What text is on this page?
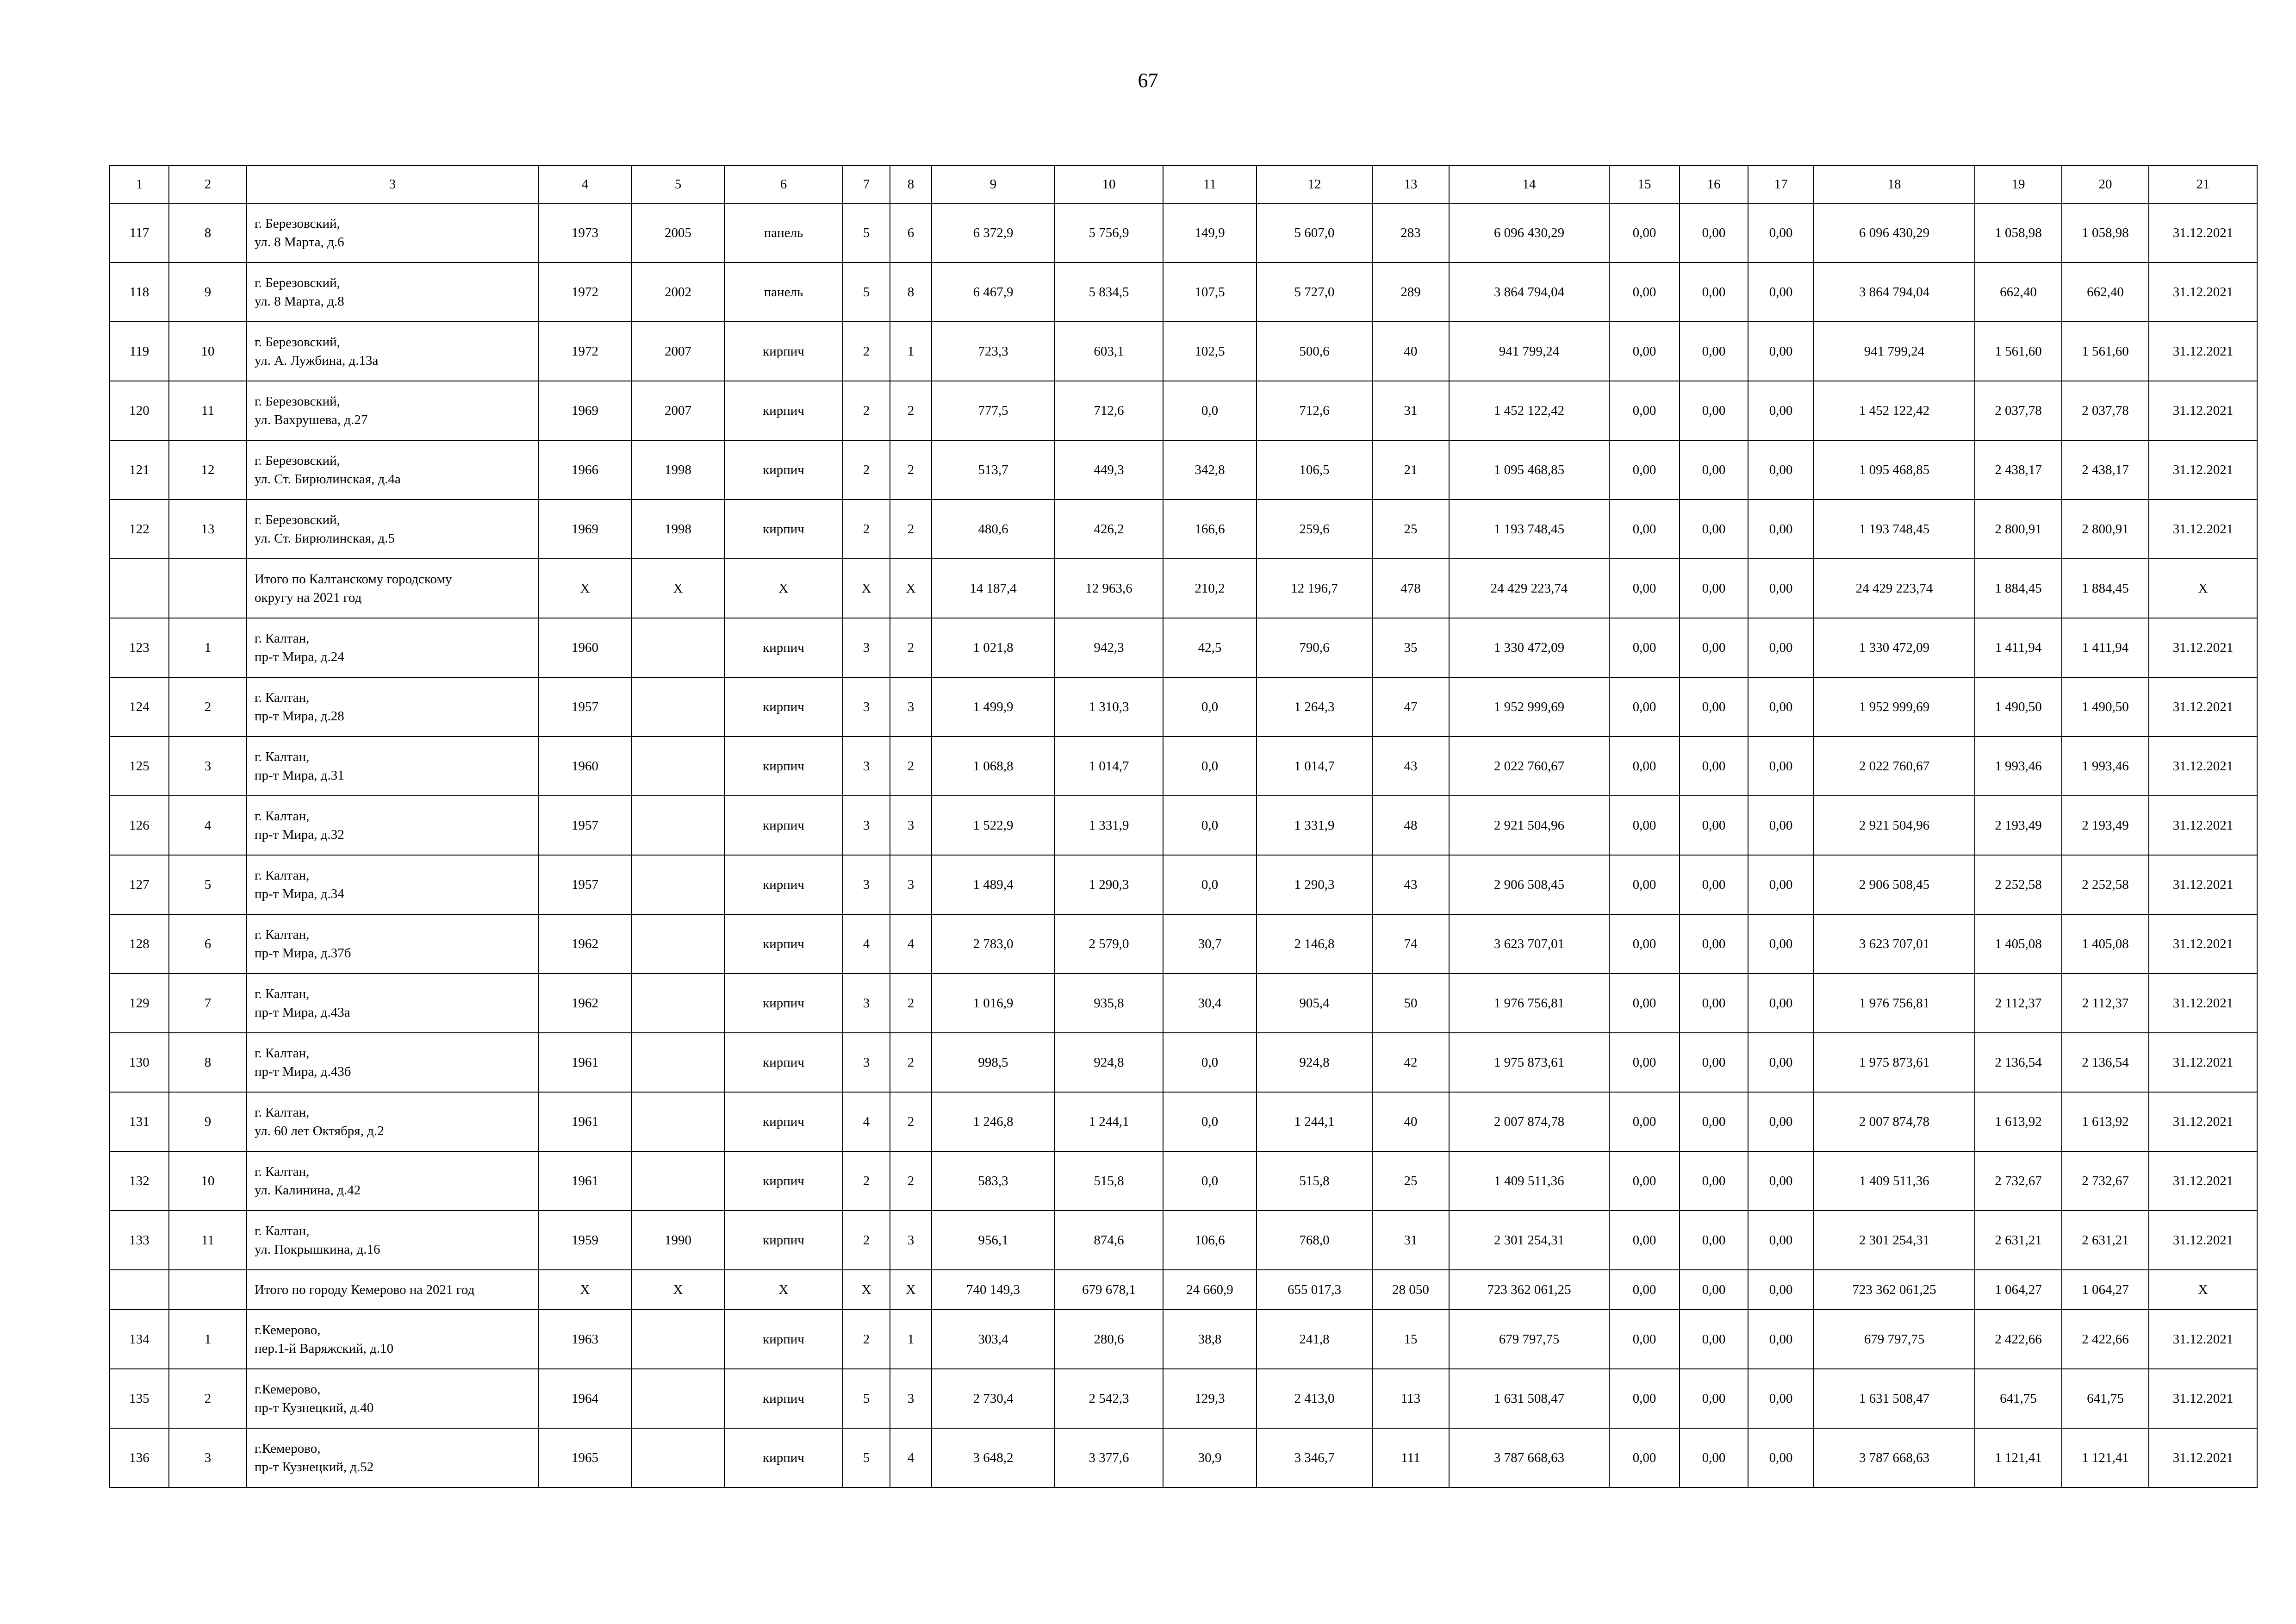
67
1	2	3	4	5	6	7	8	9	10	11	12	13	14	15	16	17	18	19	20	21
117	8	г. Березовский,
ул. 8 Марта, д.6	1973	2005	панель	5	6	6 372,9	5 756,9	149,9	5 607,0	283	6 096 430,29	0,00	0,00	0,00	6 096 430,29	1 058,98	1 058,98	31.12.2021
118	9	г. Березовский,
ул. 8 Марта, д.8	1972	2002	панель	5	8	6 467,9	5 834,5	107,5	5 727,0	289	3 864 794,04	0,00	0,00	0,00	3 864 794,04	662,40	662,40	31.12.2021
119	10	г. Березовский,
ул. А. Лужбина, д.13а	1972	2007	кирпич	2	1	723,3	603,1	102,5	500,6	40	941 799,24	0,00	0,00	0,00	941 799,24	1 561,60	1 561,60	31.12.2021
120	11	г. Березовский,
ул. Вахрушева, д.27	1969	2007	кирпич	2	2	777,5	712,6	0,0	712,6	31	1 452 122,42	0,00	0,00	0,00	1 452 122,42	2 037,78	2 037,78	31.12.2021
121	12	г. Березовский,
ул. Ст. Бирюлинская, д.4а	1966	1998	кирпич	2	2	513,7	449,3	342,8	106,5	21	1 095 468,85	0,00	0,00	0,00	1 095 468,85	2 438,17	2 438,17	31.12.2021
122	13	г. Березовский,
ул. Ст. Бирюлинская, д.5	1969	1998	кирпич	2	2	480,6	426,2	166,6	259,6	25	1 193 748,45	0,00	0,00	0,00	1 193 748,45	2 800,91	2 800,91	31.12.2021
		Итого по Калтанскому городскому
округу на 2021 год	X	X	X	X	X	14 187,4	12 963,6	210,2	12 196,7	478	24 429 223,74	0,00	0,00	0,00	24 429 223,74	1 884,45	1 884,45	X
123	1	г. Калтан,
пр-т Мира, д.24	1960		кирпич	3	2	1 021,8	942,3	42,5	790,6	35	1 330 472,09	0,00	0,00	0,00	1 330 472,09	1 411,94	1 411,94	31.12.2021
124	2	г. Калтан,
пр-т Мира, д.28	1957		кирпич	3	3	1 499,9	1 310,3	0,0	1 264,3	47	1 952 999,69	0,00	0,00	0,00	1 952 999,69	1 490,50	1 490,50	31.12.2021
125	3	г. Калтан,
пр-т Мира, д.31	1960		кирпич	3	2	1 068,8	1 014,7	0,0	1 014,7	43	2 022 760,67	0,00	0,00	0,00	2 022 760,67	1 993,46	1 993,46	31.12.2021
126	4	г. Калтан,
пр-т Мира, д.32	1957		кирпич	3	3	1 522,9	1 331,9	0,0	1 331,9	48	2 921 504,96	0,00	0,00	0,00	2 921 504,96	2 193,49	2 193,49	31.12.2021
127	5	г. Калтан,
пр-т Мира, д.34	1957		кирпич	3	3	1 489,4	1 290,3	0,0	1 290,3	43	2 906 508,45	0,00	0,00	0,00	2 906 508,45	2 252,58	2 252,58	31.12.2021
128	6	г. Калтан,
пр-т Мира, д.37б	1962		кирпич	4	4	2 783,0	2 579,0	30,7	2 146,8	74	3 623 707,01	0,00	0,00	0,00	3 623 707,01	1 405,08	1 405,08	31.12.2021
129	7	г. Калтан,
пр-т Мира, д.43а	1962		кирпич	3	2	1 016,9	935,8	30,4	905,4	50	1 976 756,81	0,00	0,00	0,00	1 976 756,81	2 112,37	2 112,37	31.12.2021
130	8	г. Калтан,
пр-т Мира, д.43б	1961		кирпич	3	2	998,5	924,8	0,0	924,8	42	1 975 873,61	0,00	0,00	0,00	1 975 873,61	2 136,54	2 136,54	31.12.2021
131	9	г. Калтан,
ул. 60 лет Октября, д.2	1961		кирпич	4	2	1 246,8	1 244,1	0,0	1 244,1	40	2 007 874,78	0,00	0,00	0,00	2 007 874,78	1 613,92	1 613,92	31.12.2021
132	10	г. Калтан,
ул. Калинина, д.42	1961		кирпич	2	2	583,3	515,8	0,0	515,8	25	1 409 511,36	0,00	0,00	0,00	1 409 511,36	2 732,67	2 732,67	31.12.2021
133	11	г. Калтан,
ул. Покрышкина, д.16	1959	1990	кирпич	2	3	956,1	874,6	106,6	768,0	31	2 301 254,31	0,00	0,00	0,00	2 301 254,31	2 631,21	2 631,21	31.12.2021
		Итого по городу Кемерово на 2021 год	X	X	X	X	X	740 149,3	679 678,1	24 660,9	655 017,3	28 050	723 362 061,25	0,00	0,00	0,00	723 362 061,25	1 064,27	1 064,27	X
134	1	г.Кемерово,
пер.1-й Варяжский, д.10	1963		кирпич	2	1	303,4	280,6	38,8	241,8	15	679 797,75	0,00	0,00	0,00	679 797,75	2 422,66	2 422,66	31.12.2021
135	2	г.Кемерово,
пр-т Кузнецкий, д.40	1964		кирпич	5	3	2 730,4	2 542,3	129,3	2 413,0	113	1 631 508,47	0,00	0,00	0,00	1 631 508,47	641,75	641,75	31.12.2021
136	3	г.Кемерово,
пр-т Кузнецкий, д.52	1965		кирпич	5	4	3 648,2	3 377,6	30,9	3 346,7	111	3 787 668,63	0,00	0,00	0,00	3 787 668,63	1 121,41	1 121,41	31.12.2021
